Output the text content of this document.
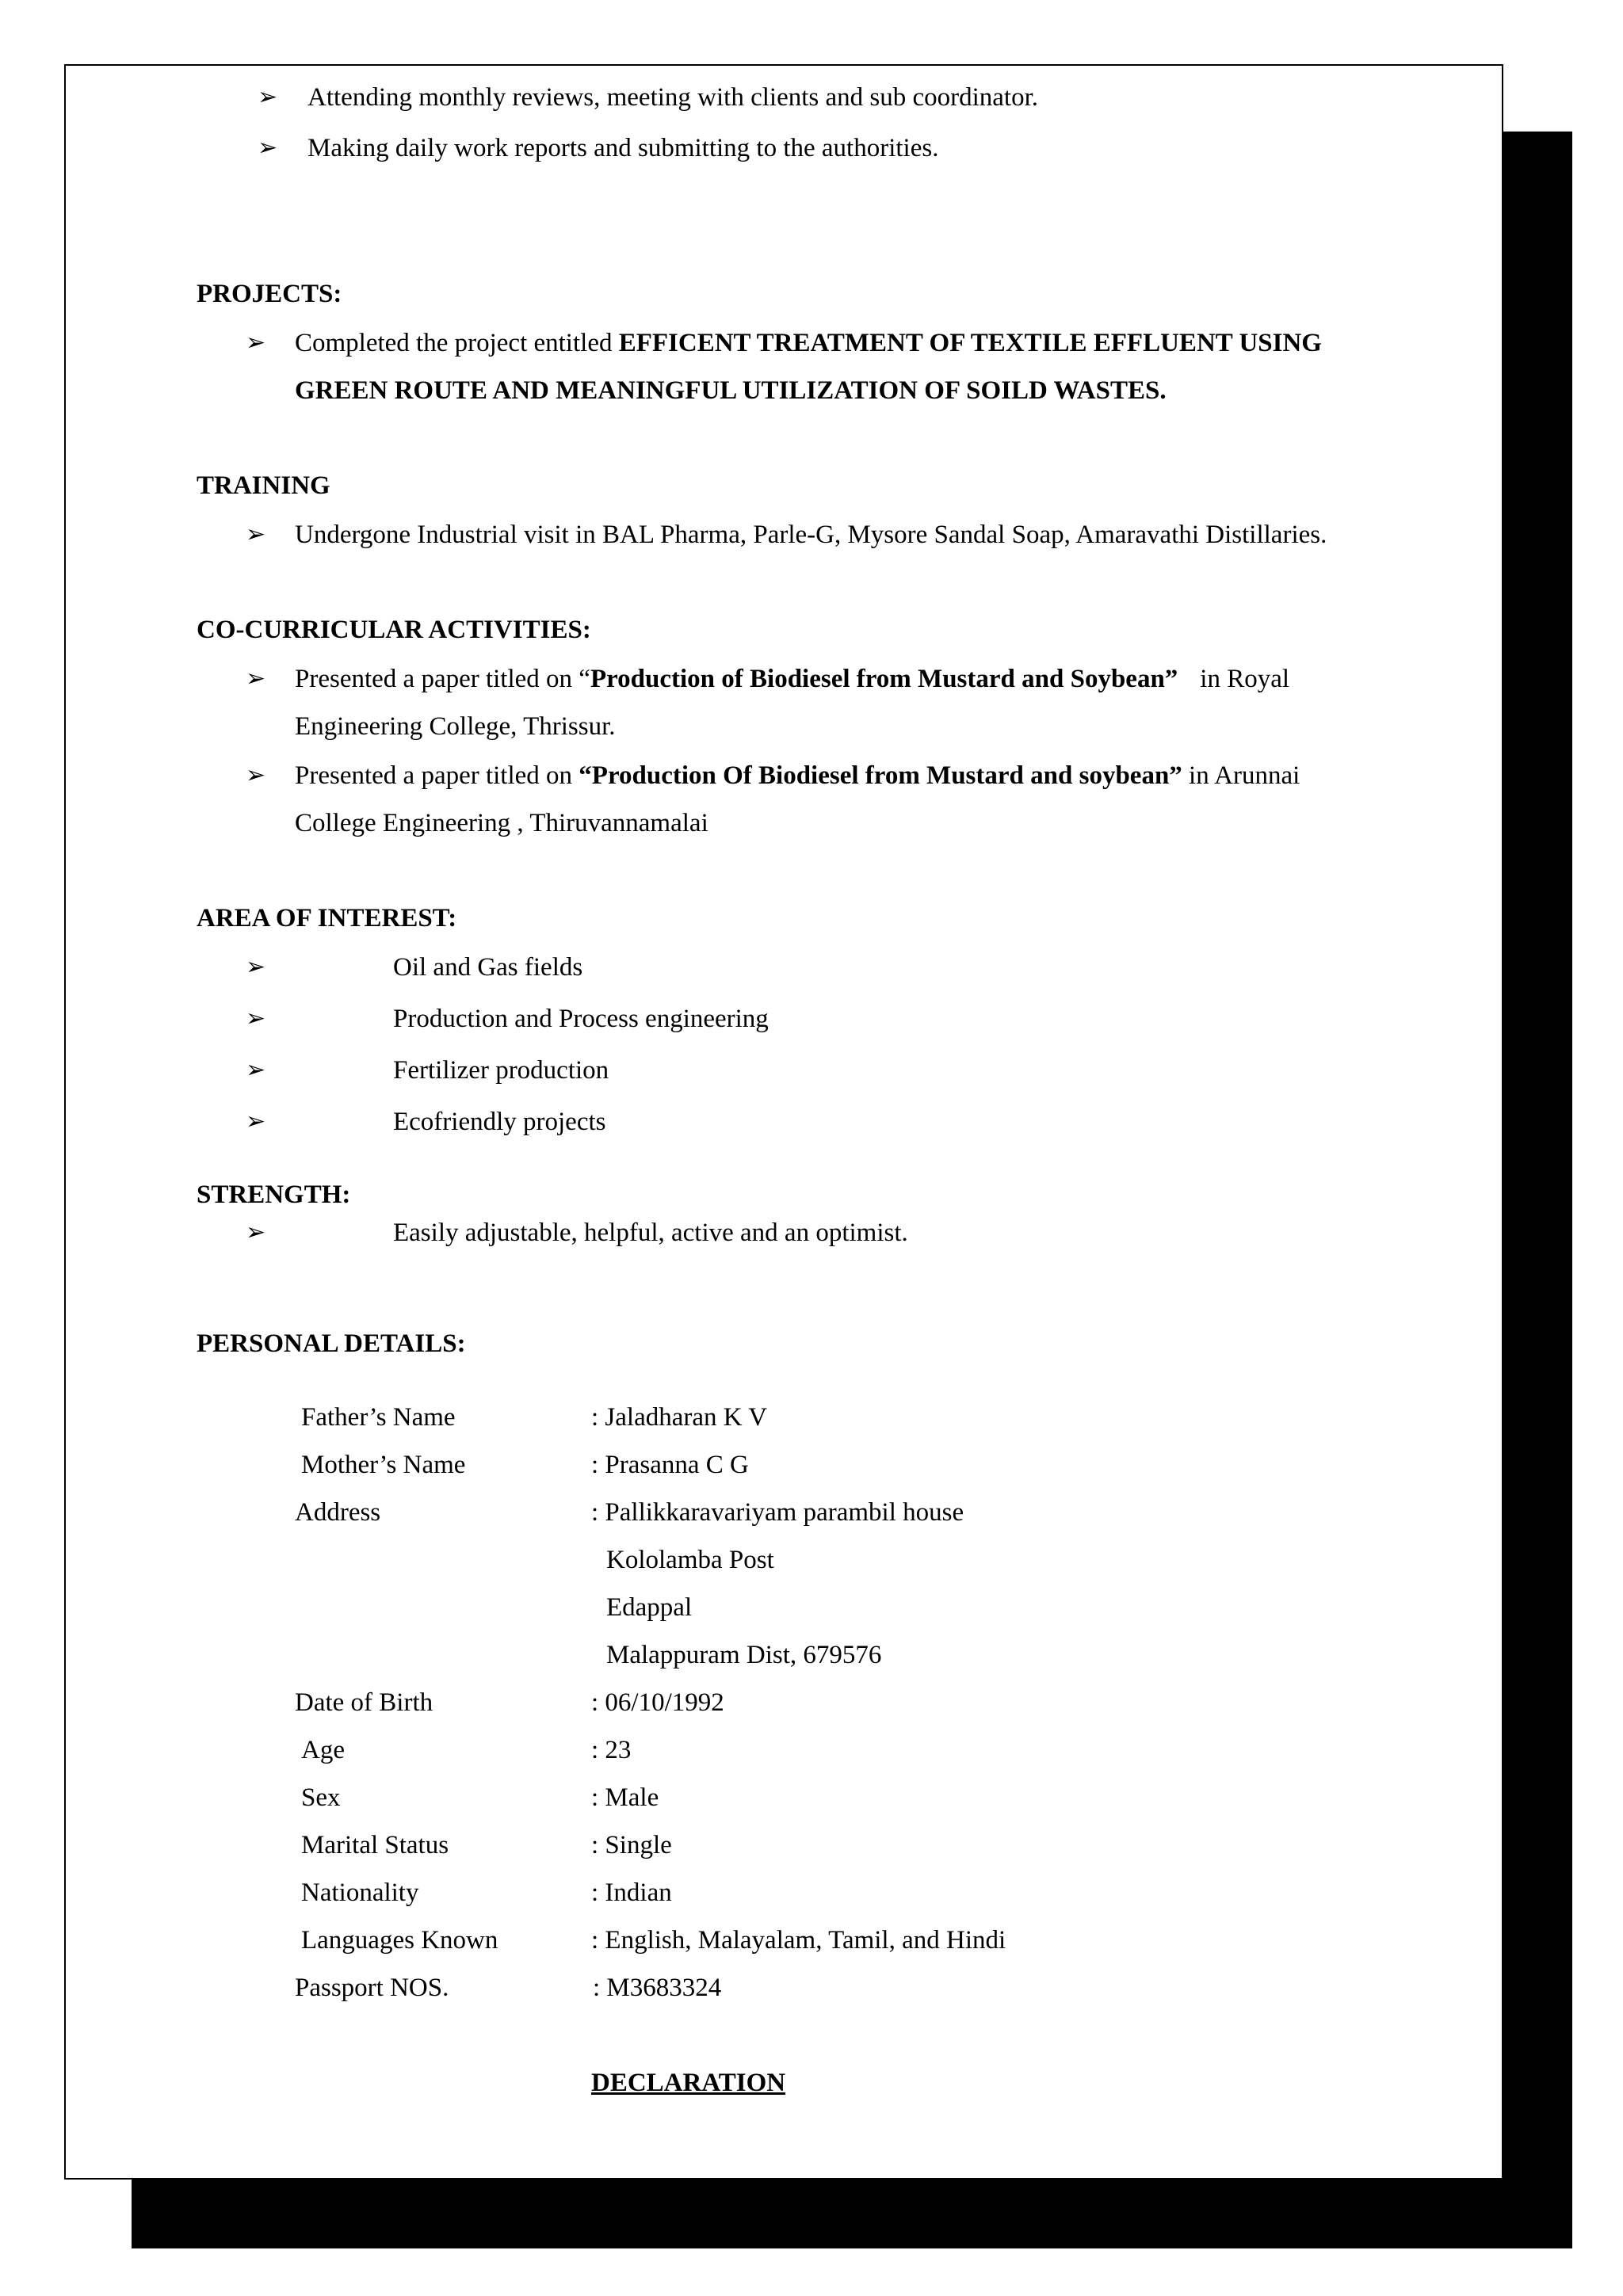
➢ Attending monthly reviews, meeting with clients and sub coordinator.
➢ Making daily work reports and submitting to the authorities.
PROJECTS:
➢ Completed the project entitled EFFICENT TREATMENT OF TEXTILE EFFLUENT USING
GREEN ROUTE AND MEANINGFUL UTILIZATION OF SOILD WASTES.
TRAINING
➢ Undergone Industrial visit in BAL Pharma, Parle-G, Mysore Sandal Soap, Amaravathi Distillaries.
CO-CURRICULAR ACTIVITIES:
➢ Presented a paper titled on “Production of Biodiesel from Mustard and Soybean” in Royal
Engineering College, Thrissur.
➢ Presented a paper titled on “Production Of Biodiesel from Mustard and soybean” in Arunnai
College Engineering , Thiruvannamalai
AREA OF INTEREST:
➢	Oil and Gas fields
➢	Production and Process engineering
➢	Fertilizer production
➢	Ecofriendly projects
STRENGTH:
➢	Easily adjustable, helpful, active and an optimist.
PERSONAL DETAILS:
Father’s Name	: Jaladharan K V
Mother’s Name	: Prasanna C G
Address	: Pallikkaravariyam parambil house
Kololamba Post
Edappal
Malappuram Dist, 679576
Date of Birth	: 06/10/1992
Age	: 23
Sex	: Male
Marital Status	: Single
Nationality	: Indian
Languages Known	: English, Malayalam, Tamil, and Hindi
Passport NOS.	: M3683324
DECLARATION
